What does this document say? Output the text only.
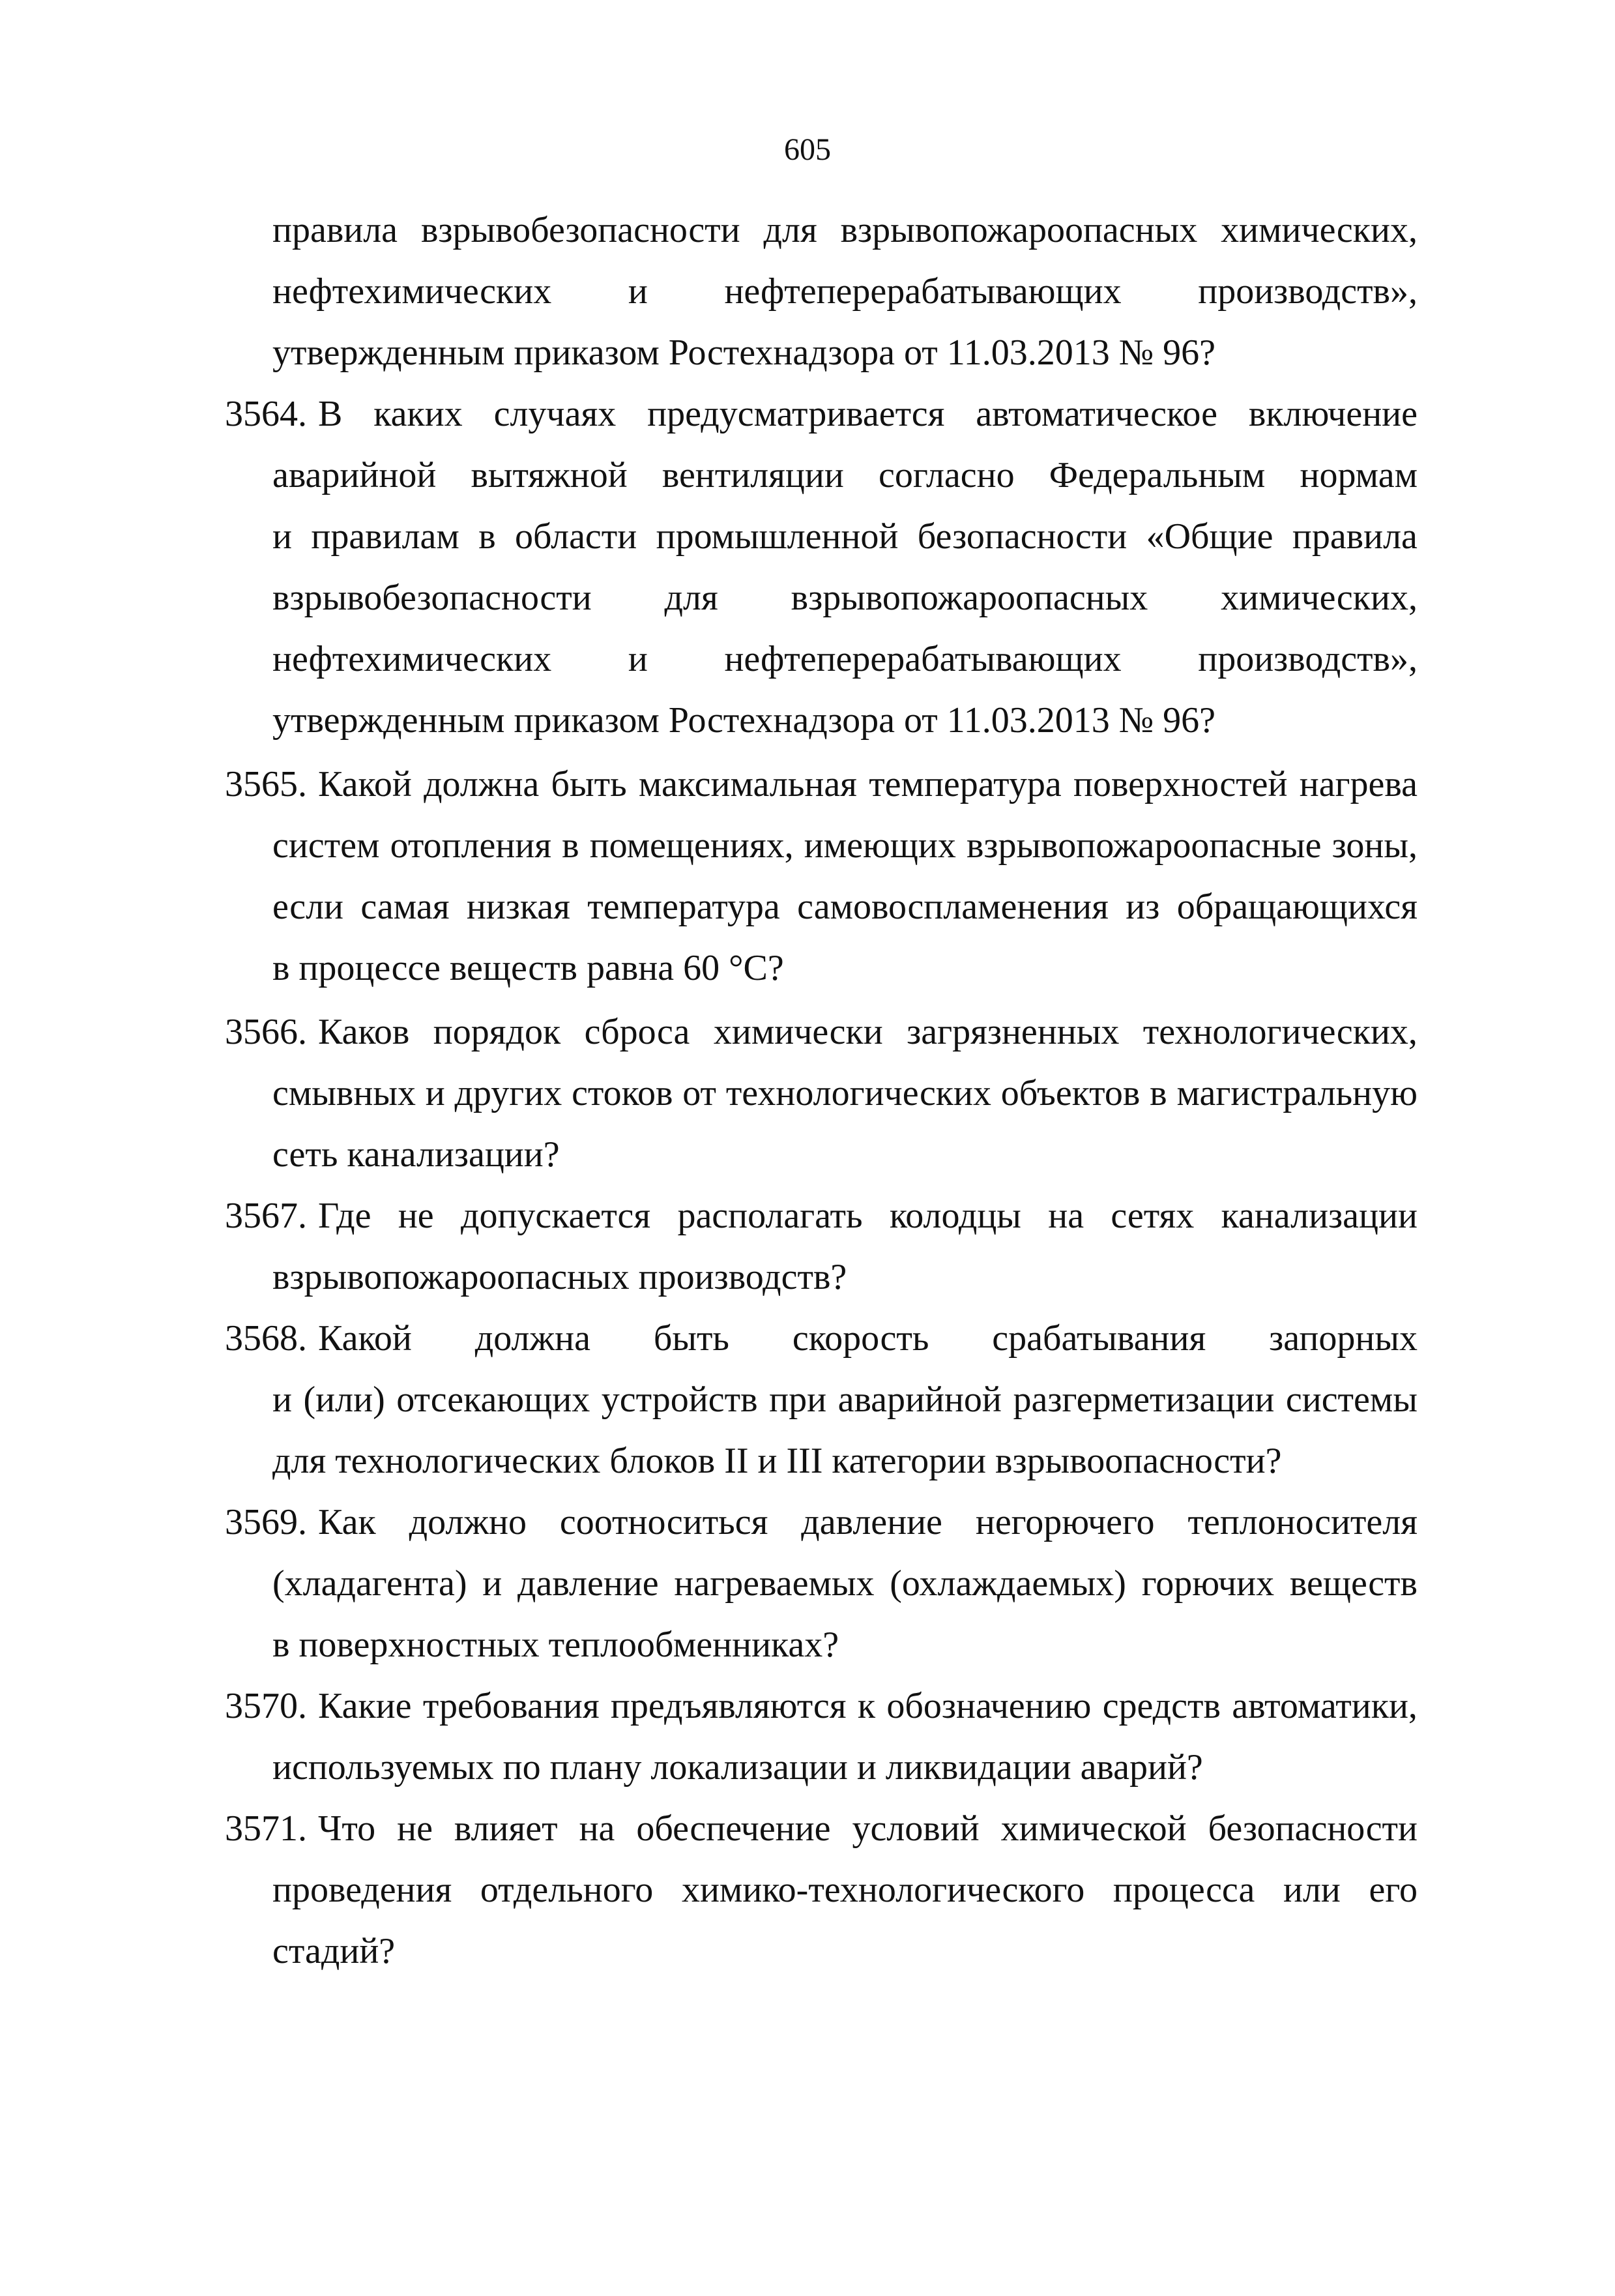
605
правила взрывобезопасности для взрывопожароопасных химических,
нефтехимических и нефтеперерабатывающих производств»,
утвержденным приказом Ростехнадзора от 11.03.2013 № 96?
3564. В каких случаях предусматривается автоматическое включение
аварийной вытяжной вентиляции согласно Федеральным нормам
и правилам в области промышленной безопасности «Общие правила
взрывобезопасности для взрывопожароопасных химических,
нефтехимических и нефтеперерабатывающих производств»,
утвержденным приказом Ростехнадзора от 11.03.2013 № 96?
3565. Какой должна быть максимальная температура поверхностей нагрева
систем отопления в помещениях, имеющих взрывопожароопасные зоны,
если самая низкая температура самовоспламенения из обращающихся
в процессе веществ равна 60 °С?
3566. Каков порядок сброса химически загрязненных технологических,
смывных и других стоков от технологических объектов в магистральную
сеть канализации?
3567. Где не допускается располагать колодцы на сетях канализации
взрывопожароопасных производств?
3568. Какой должна быть скорость срабатывания запорных
и (или) отсекающих устройств при аварийной разгерметизации системы
для технологических блоков II и III категории взрывоопасности?
3569. Как должно соотноситься давление негорючего теплоносителя
(хладагента) и давление нагреваемых (охлаждаемых) горючих веществ
в поверхностных теплообменниках?
3570. Какие требования предъявляются к обозначению средств автоматики,
используемых по плану локализации и ликвидации аварий?
3571. Что не влияет на обеспечение условий химической безопасности
проведения отдельного химико-технологического процесса или его
стадий?
